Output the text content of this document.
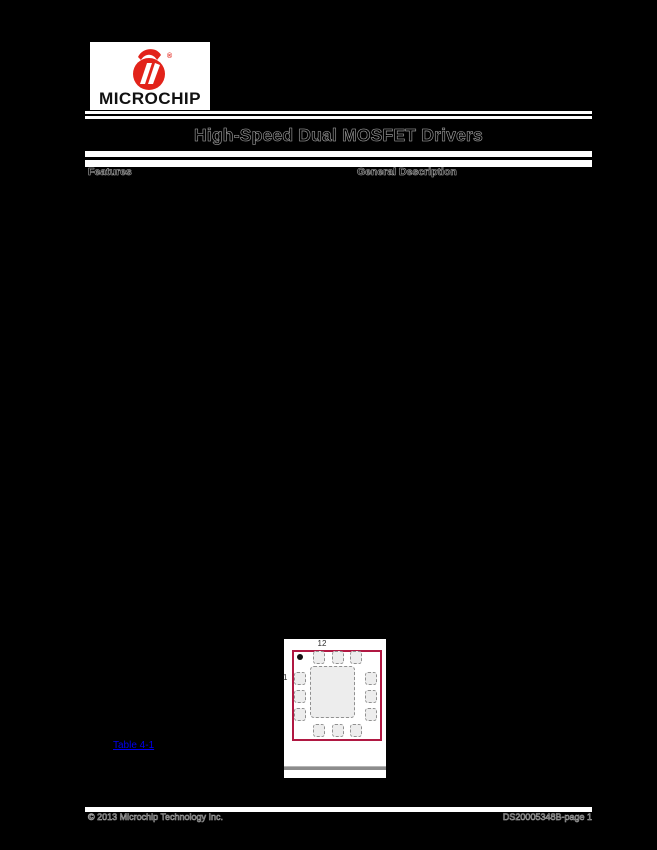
®
MICROCHIP
High-Speed Dual MOSFET Drivers
Features	General Description
Table 4-1
12
1
© 2013 Microchip Technology Inc.	DS20005348B-page 1
